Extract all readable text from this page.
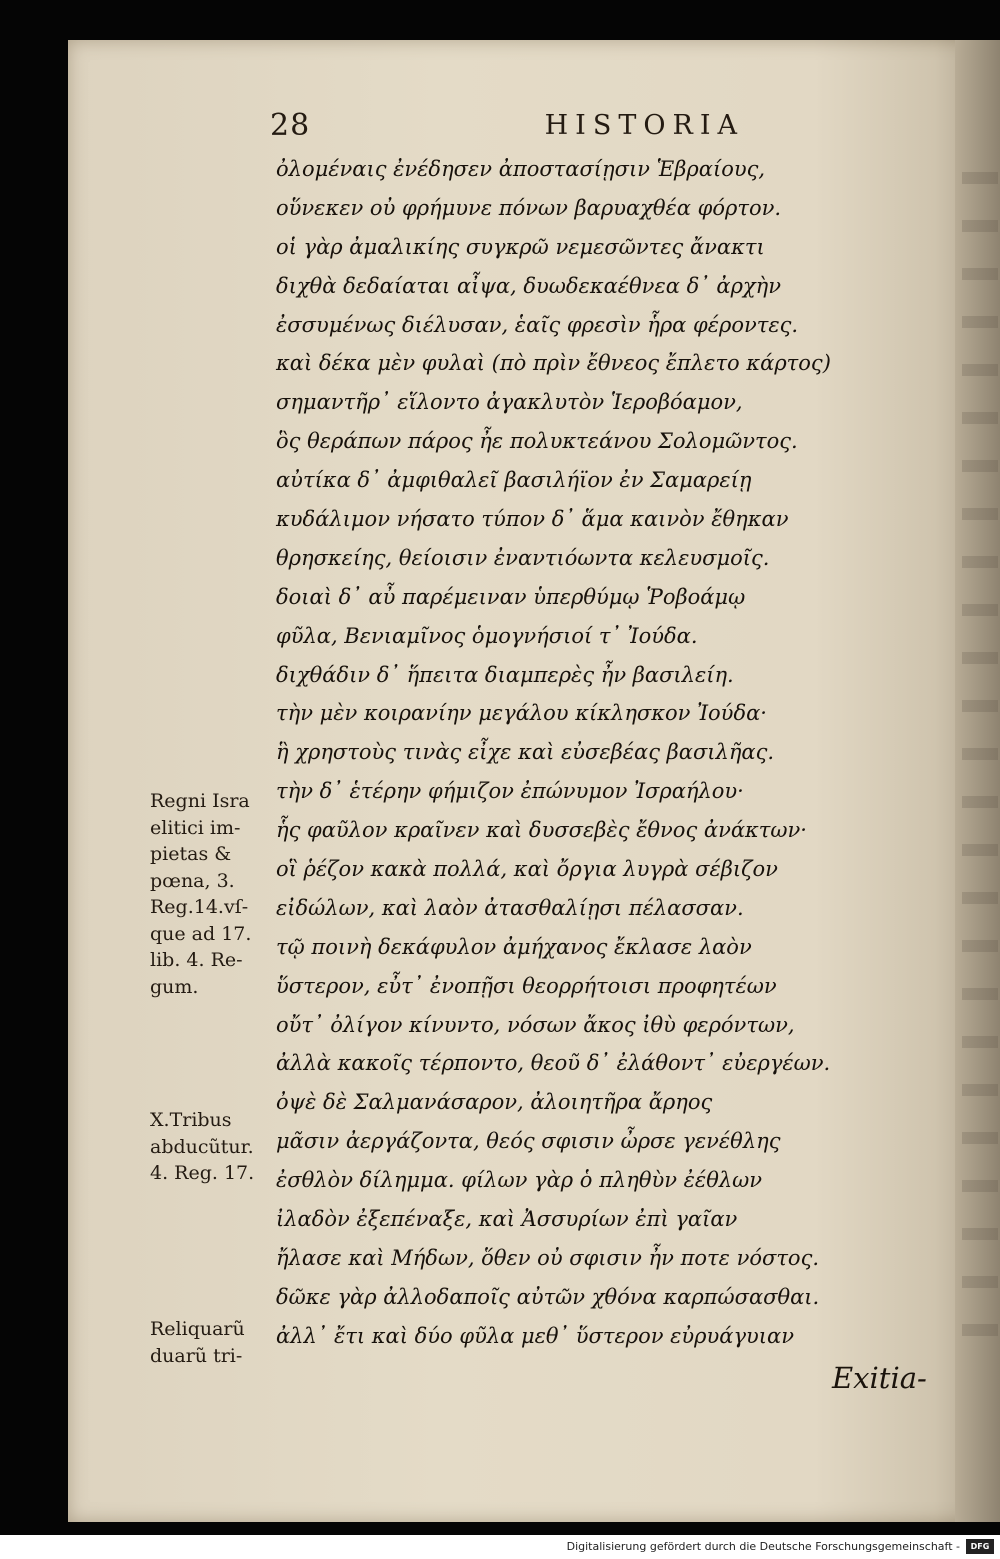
28	HISTORIA
ὀλομέναις ἐνέδησεν ἀποστασίῃσιν Ἑβραίους,
οὕνεκεν οὐ φρήμυνε πόνων βαρυαχθέα φόρτον.
οἱ γὰρ ἀμαλικίης συγκρῶ νεμεσῶντες ἄνακτι
διχθὰ δεδαίαται αἶψα, δυωδεκαέθνεα δ᾽ ἀρχὴν
ἐσσυμένως διέλυσαν, ἑαῖς φρεσὶν ἧρα φέροντες.
καὶ δέκα μὲν φυλαὶ (πὸ πρὶν ἔθνεος ἔπλετο κάρτος)
σημαντῆρ᾽ εἵλοντο ἀγακλυτὸν Ἱεροβόαμον,
ὃς θεράπων πάρος ἦε πολυκτεάνου Σολομῶντος.
αὐτίκα δ᾽ ἀμφιθαλεῖ βασιλήϊον ἐν Σαμαρείῃ
κυδάλιμον νήσατο τύπον δ᾽ ἅμα καινὸν ἔθηκαν
θρησκείης, θείοισιν ἐναντιόωντα κελευσμοῖς.
δοιαὶ δ᾽ αὖ παρέμειναν ὑπερθύμῳ Ῥοβοάμῳ
φῦλα, Βενιαμῖνος ὁμογνήσιοί τ᾽ Ἰούδα.
διχθάδιν δ᾽ ἥπειτα διαμπερὲς ἦν βασιλείη.
τὴν μὲν κοιρανίην μεγάλου κίκλησκον Ἰούδα·
ἣ χρηστοὺς τινὰς εἶχε καὶ εὐσεβέας βασιλῆας.
τὴν δ᾽ ἑτέρην φήμιζον ἐπώνυμον Ἰσραήλου·
ἧς φαῦλον κραῖνεν καὶ δυσσεβὲς ἔθνος ἀνάκτων·
οἳ ῥέζον κακὰ πολλά, καὶ ὄργια λυγρὰ σέβιζον
εἰδώλων, καὶ λαὸν ἀτασθαλίῃσι πέλασσαν.
τῷ ποινὴ δεκάφυλον ἀμήχανος ἔκλασε λαὸν
ὕστερον, εὖτ᾽ ἐνοπῇσι θεορρήτοισι προφητέων
οὔτ᾽ ὀλίγον κίνυντο, νόσων ἄκος ἰθὺ φερόντων,
ἀλλὰ κακοῖς τέρποντο, θεοῦ δ᾽ ἐλάθοντ᾽ εὐεργέων.
ὀψὲ δὲ Σαλμανάσαρον, ἀλοιητῆρα ἄρηος
μᾶσιν ἀεργάζοντα, θεός σφισιν ὦρσε γενέθλης
ἐσθλὸν δίλημμα. φίλων γὰρ ὁ πληθὺν ἐέθλων
ἰλαδὸν ἐξεπέναξε, καὶ Ἀσσυρίων ἐπὶ γαῖαν
ἤλασε καὶ Μήδων, ὅθεν οὐ σφισιν ἦν ποτε νόστος.
δῶκε γὰρ ἀλλοδαποῖς αὐτῶν χθόνα καρπώσασθαι.
ἀλλ᾽ ἔτι καὶ δύο φῦλα μεθ᾽ ὕστερον εὐρυάγυιαν
Regni Isra
elitici im-
pietas &
pœna, 3.
Reg.14.vſ-
que ad 17.
lib. 4. Re-
gum.
X.Tribus
abducũtur.
4. Reg. 17.
Reliquarũ
duarũ tri-
Exitia-
Digitalisierung gefördert durch die Deutsche Forschungsgemeinschaft -	DFG
